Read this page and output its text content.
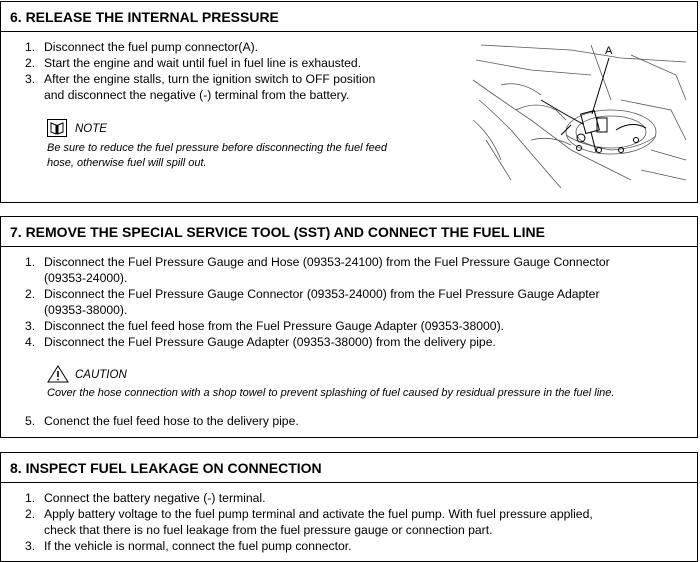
6. RELEASE THE INTERNAL PRESSURE
1. Disconnect the fuel pump connector(A).
2. Start the engine and wait until fuel in fuel line is exhausted.
3. After the engine stalls, turn the ignition switch to OFF position
and disconnect the negative (-) terminal from the battery.
NOTE
Be sure to reduce the fuel pressure before disconnecting the fuel feed
hose, otherwise fuel will spill out.
A
7. REMOVE THE SPECIAL SERVICE TOOL (SST) AND CONNECT THE FUEL LINE
1. Disconnect the Fuel Pressure Gauge and Hose (09353-24100) from the Fuel Pressure Gauge Connector
(09353-24000).
2. Disconnect the Fuel Pressure Gauge Connector (09353-24000) from the Fuel Pressure Gauge Adapter
(09353-38000).
3. Disconnect the fuel feed hose from the Fuel Pressure Gauge Adapter (09353-38000).
4. Disconnect the Fuel Pressure Gauge Adapter (09353-38000) from the delivery pipe.
CAUTION
Cover the hose connection with a shop towel to prevent splashing of fuel caused by residual pressure in the fuel line.
5. Conenct the fuel feed hose to the delivery pipe.
8. INSPECT FUEL LEAKAGE ON CONNECTION
1. Connect the battery negative (-) terminal.
2. Apply battery voltage to the fuel pump terminal and activate the fuel pump. With fuel pressure applied,
check that there is no fuel leakage from the fuel pressure gauge or connection part.
3. If the vehicle is normal, connect the fuel pump connector.
